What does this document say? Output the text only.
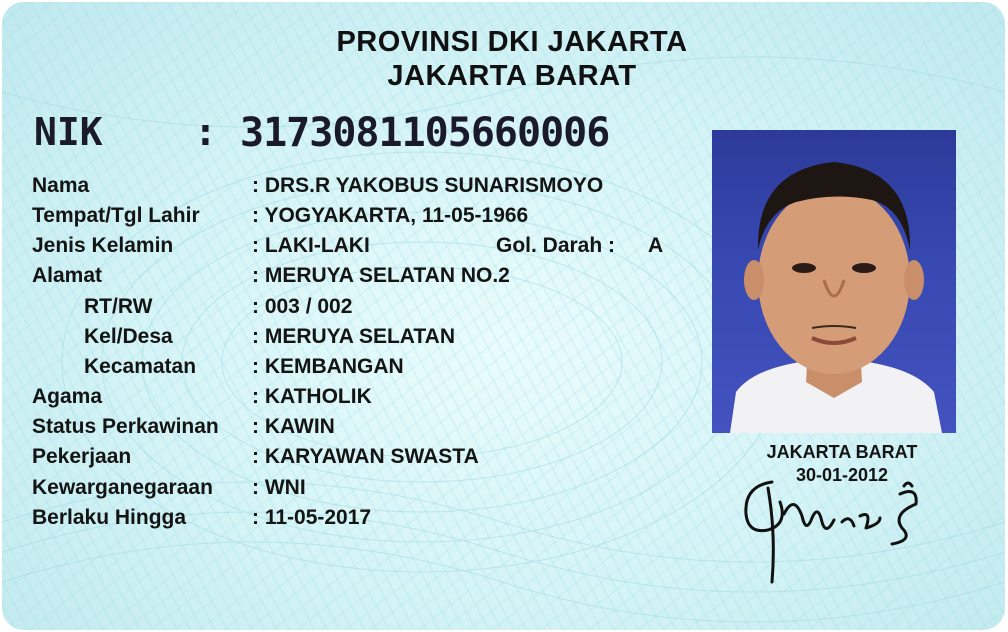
PROVINSI DKI JAKARTA
JAKARTA BARAT
NIK : 3173081105660006
Nama	: DRS.R YAKOBUS SUNARISMOYO
Tempat/Tgl Lahir : YOGYAKARTA, 11-05-1966
Jenis Kelamin	: LAKI-LAKI	Gol. Darah : A
Alamat	: MERUYA SELATAN NO.2
RT/RW	: 003 / 002
Kel/Desa	: MERUYA SELATAN
Kecamatan	: KEMBANGAN
Agama	: KATHOLIK
Status Perkawinan : KAWIN
Pekerjaan	: KARYAWAN SWASTA
Kewarganegaraan : WNI
Berlaku Hingga	: 11-05-2017
JAKARTA BARAT
30-01-2012
